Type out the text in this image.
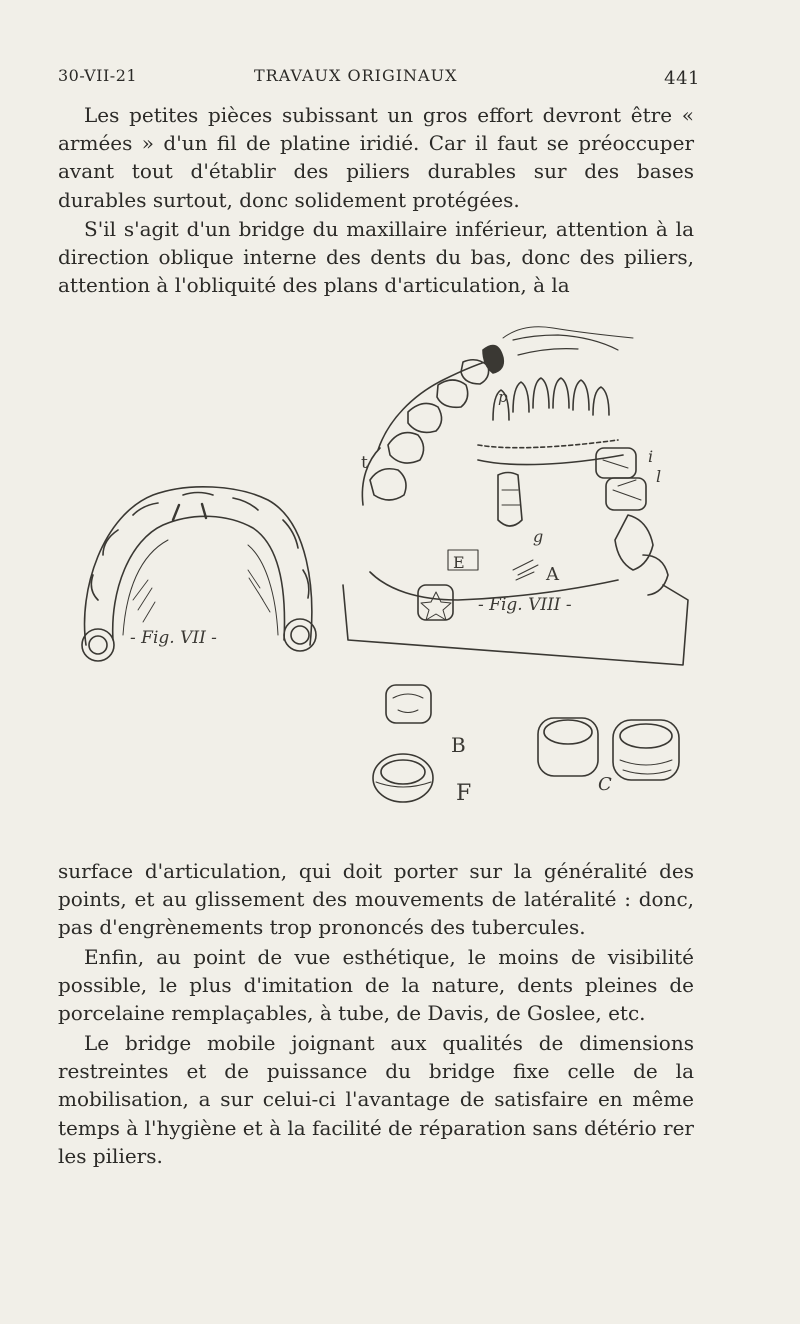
30-VII-21	TRAVAUX ORIGINAUX	441

Les petites pièces subissant un gros effort devront être « armées » d'un fil de platine iridié. Car il faut se préoccuper avant tout d'établir des piliers durables sur des bases durables surtout, donc solidement protégées.

S'il s'agit d'un bridge du maxillaire inférieur, attention à la direction oblique interne des dents du bas, donc des piliers, attention à l'obliquité des plans d'articulation, à la

- Fig. VII -
- Fig. VIII -
t
p
i
l
g
E
A
B
F	C

surface d'articulation, qui doit porter sur la généralité des points, et au glissement des mouvements de latéralité : donc, pas d'engrènements trop prononcés des tubercules.

Enfin, au point de vue esthétique, le moins de visibilité possible, le plus d'imitation de la nature, dents pleines de porcelaine remplaçables, à tube, de Davis, de Goslee, etc.

Le bridge mobile joignant aux qualités de dimensions restreintes et de puissance du bridge fixe celle de la mobilisation, a sur celui-ci l'avantage de satisfaire en même temps à l'hygiène et à la facilité de réparation sans détério rer les piliers.
